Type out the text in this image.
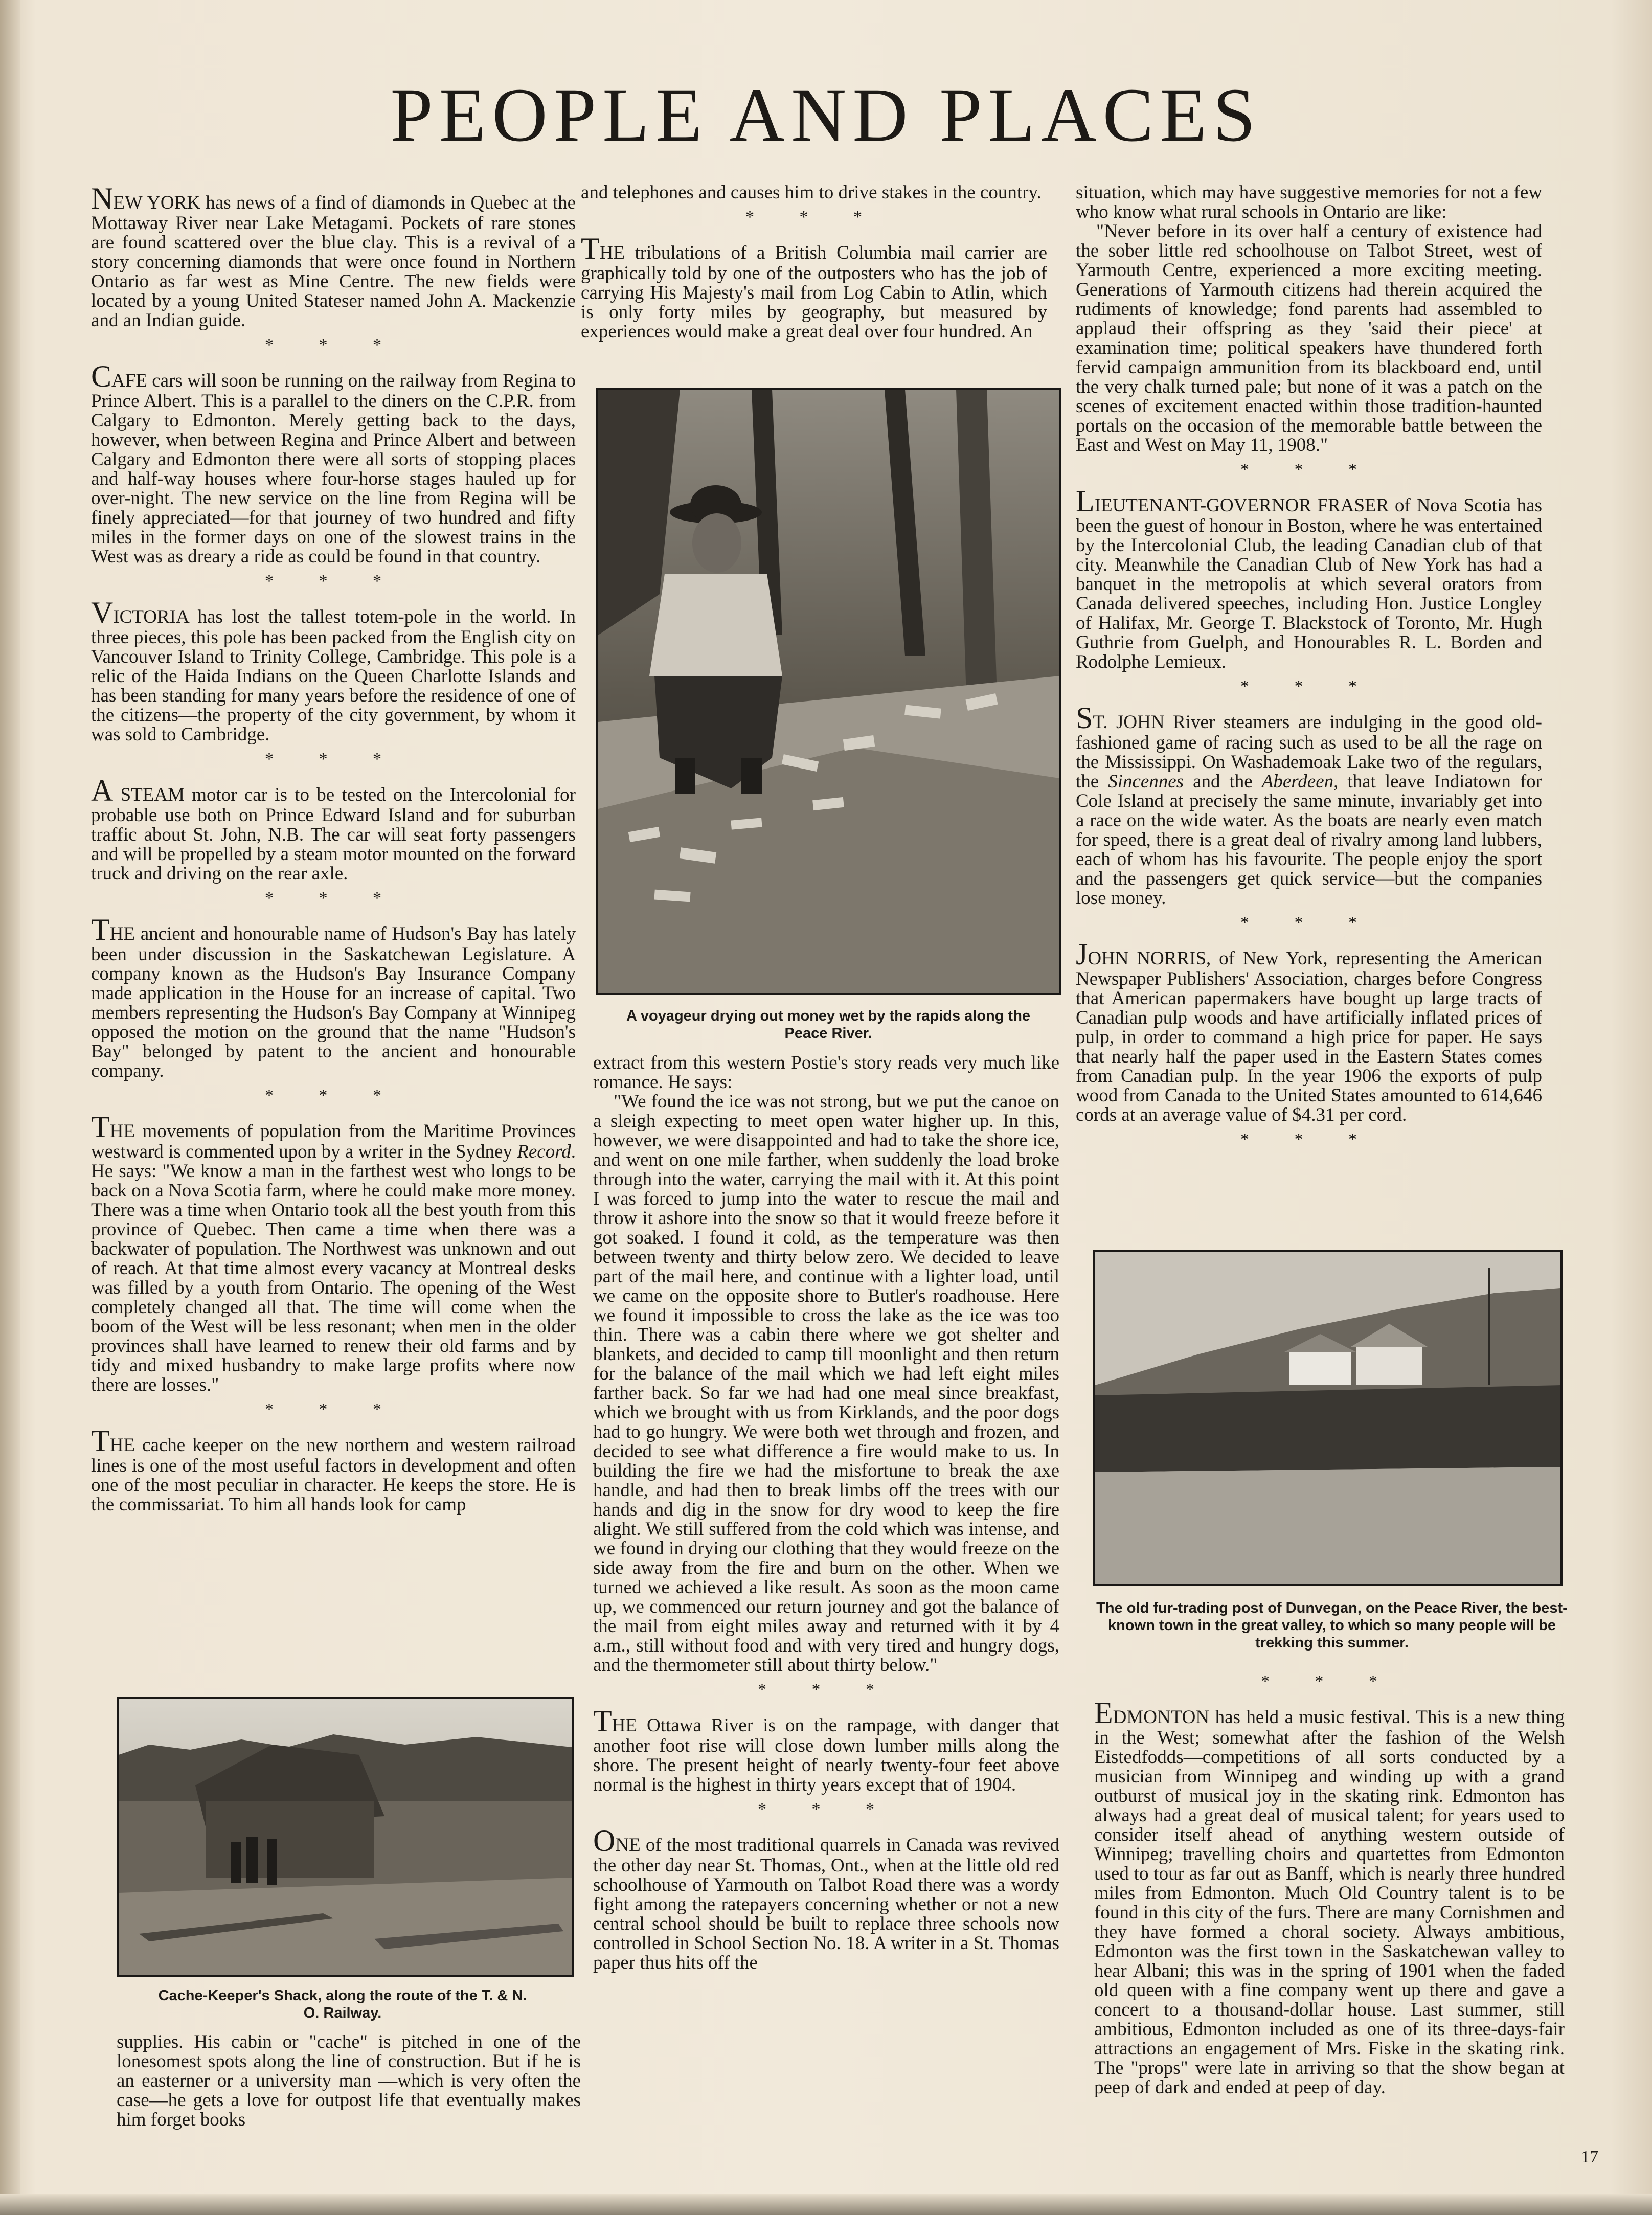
PEOPLE AND PLACES

NEW YORK has news of a find of diamonds in Quebec at the Mottaway River near Lake Metagami. Pockets of rare stones are found scattered over the blue clay. This is a revival of a story concerning diamonds that were once found in Northern Ontario as far west as Mine Centre. The new fields were located by a young United Stateser named John A. Mackenzie and an Indian guide.

* * *

CAFE cars will soon be running on the railway from Regina to Prince Albert. This is a parallel to the diners on the C.P.R. from Calgary to Edmonton. Merely getting back to the days, however, when between Regina and Prince Albert and between Calgary and Edmonton there were all sorts of stopping places and half-way houses where four-horse stages hauled up for over-night. The new service on the line from Regina will be finely appreciated—for that journey of two hundred and fifty miles in the former days on one of the slowest trains in the West was as dreary a ride as could be found in that country.

* * *

VICTORIA has lost the tallest totem-pole in the world. In three pieces, this pole has been packed from the English city on Vancouver Island to Trinity College, Cambridge. This pole is a relic of the Haida Indians on the Queen Charlotte Islands and has been standing for many years before the residence of one of the citizens—the property of the city government, by whom it was sold to Cambridge.

* * *

A STEAM motor car is to be tested on the Intercolonial for probable use both on Prince Edward Island and for suburban traffic about St. John, N.B. The car will seat forty passengers and will be propelled by a steam motor mounted on the forward truck and driving on the rear axle.

* * *

THE ancient and honourable name of Hudson's Bay has lately been under discussion in the Saskatchewan Legislature. A company known as the Hudson's Bay Insurance Company made application in the House for an increase of capital. Two members representing the Hudson's Bay Company at Winnipeg opposed the motion on the ground that the name "Hudson's Bay" belonged by patent to the ancient and honourable company.

* * *

THE movements of population from the Maritime Provinces westward is commented upon by a writer in the Sydney Record. He says: "We know a man in the farthest west who longs to be back on a Nova Scotia farm, where he could make more money. There was a time when Ontario took all the best youth from this province of Quebec. Then came a time when there was a backwater of population. The Northwest was unknown and out of reach. At that time almost every vacancy at Montreal desks was filled by a youth from Ontario. The opening of the West completely changed all that. The time will come when the boom of the West will be less resonant; when men in the older provinces shall have learned to renew their old farms and by tidy and mixed husbandry to make large profits where now there are losses."

* * *

THE cache keeper on the new northern and western railroad lines is one of the most useful factors in development and often one of the most peculiar in character. He keeps the store. He is the commissariat. To him all hands look for camp

Cache-Keeper's Shack, along the route of the T. & N. O. Railway.

supplies. His cabin or "cache" is pitched in one of the lonesomest spots along the line of construction. But if he is an easterner or a university man —which is very often the case—he gets a love for outpost life that eventually makes him forget books

and telephones and causes him to drive stakes in the country.

* * *

THE tribulations of a British Columbia mail carrier are graphically told by one of the outposters who has the job of carrying His Majesty's mail from Log Cabin to Atlin, which is only forty miles by geography, but measured by experiences would make a great deal over four hundred. An

A voyageur drying out money wet by the rapids along the Peace River.

extract from this western Postie's story reads very much like romance. He says:

"We found the ice was not strong, but we put the canoe on a sleigh expecting to meet open water higher up. In this, however, we were disappointed and had to take the shore ice, and went on one mile farther, when suddenly the load broke through into the water, carrying the mail with it. At this point I was forced to jump into the water to rescue the mail and throw it ashore into the snow so that it would freeze before it got soaked. I found it cold, as the temperature was then between twenty and thirty below zero. We decided to leave part of the mail here, and continue with a lighter load, until we came on the opposite shore to Butler's roadhouse. Here we found it impossible to cross the lake as the ice was too thin. There was a cabin there where we got shelter and blankets, and decided to camp till moonlight and then return for the balance of the mail which we had left eight miles farther back. So far we had had one meal since breakfast, which we brought with us from Kirklands, and the poor dogs had to go hungry. We were both wet through and frozen, and decided to see what difference a fire would make to us. In building the fire we had the misfortune to break the axe handle, and had then to break limbs off the trees with our hands and dig in the snow for dry wood to keep the fire alight. We still suffered from the cold which was intense, and we found in drying our clothing that they would freeze on the side away from the fire and burn on the other. When we turned we achieved a like result. As soon as the moon came up, we commenced our return journey and got the balance of the mail from eight miles away and returned with it by 4 a.m., still without food and with very tired and hungry dogs, and the thermometer still about thirty below."

* * *

THE Ottawa River is on the rampage, with danger that another foot rise will close down lumber mills along the shore. The present height of nearly twenty-four feet above normal is the highest in thirty years except that of 1904.

* * *

ONE of the most traditional quarrels in Canada was revived the other day near St. Thomas, Ont., when at the little old red schoolhouse of Yarmouth on Talbot Road there was a wordy fight among the ratepayers concerning whether or not a new central school should be built to replace three schools now controlled in School Section No. 18. A writer in a St. Thomas paper thus hits off the

situation, which may have suggestive memories for not a few who know what rural schools in Ontario are like:

"Never before in its over half a century of existence had the sober little red schoolhouse on Talbot Street, west of Yarmouth Centre, experienced a more exciting meeting. Generations of Yarmouth citizens had therein acquired the rudiments of knowledge; fond parents had assembled to applaud their offspring as they 'said their piece' at examination time; political speakers have thundered forth fervid campaign ammunition from its blackboard end, until the very chalk turned pale; but none of it was a patch on the scenes of excitement enacted within those tradition-haunted portals on the occasion of the memorable battle between the East and West on May 11, 1908."

* * *

LIEUTENANT-GOVERNOR FRASER of Nova Scotia has been the guest of honour in Boston, where he was entertained by the Intercolonial Club, the leading Canadian club of that city. Meanwhile the Canadian Club of New York has had a banquet in the metropolis at which several orators from Canada delivered speeches, including Hon. Justice Longley of Halifax, Mr. George T. Blackstock of Toronto, Mr. Hugh Guthrie from Guelph, and Honourables R. L. Borden and Rodolphe Lemieux.

* * *

ST. JOHN River steamers are indulging in the good old-fashioned game of racing such as used to be all the rage on the Mississippi. On Washademoak Lake two of the regulars, the Sincennes and the Aberdeen, that leave Indiatown for Cole Island at precisely the same minute, invariably get into a race on the wide water. As the boats are nearly even match for speed, there is a great deal of rivalry among land lubbers, each of whom has his favourite. The people enjoy the sport and the passengers get quick service—but the companies lose money.

* * *

JOHN NORRIS, of New York, representing the American Newspaper Publishers' Association, charges before Congress that American papermakers have bought up large tracts of Canadian pulp woods and have artificially inflated prices of pulp, in order to command a high price for paper. He says that nearly half the paper used in the Eastern States comes from Canadian pulp. In the year 1906 the exports of pulp wood from Canada to the United States amounted to 614,646 cords at an average value of $4.31 per cord.

* * *
The old fur-trading post of Dunvegan, on the Peace River, the best-known town in the great valley, to which so many people will be trekking this summer.
* * *

EDMONTON has held a music festival. This is a new thing in the West; somewhat after the fashion of the Welsh Eistedfodds—competitions of all sorts conducted by a musician from Winnipeg and winding up with a grand outburst of musical joy in the skating rink. Edmonton has always had a great deal of musical talent; for years used to consider itself ahead of anything western outside of Winnipeg; travelling choirs and quartettes from Edmonton used to tour as far out as Banff, which is nearly three hundred miles from Edmonton. Much Old Country talent is to be found in this city of the furs. There are many Cornishmen and they have formed a choral society. Always ambitious, Edmonton was the first town in the Saskatchewan valley to hear Albani; this was in the spring of 1901 when the faded old queen with a fine company went up there and gave a concert to a thousand-dollar house. Last summer, still ambitious, Edmonton included as one of its three-days-fair attractions an engagement of Mrs. Fiske in the skating rink. The "props" were late in arriving so that the show began at peep of dark and ended at peep of day.

17
